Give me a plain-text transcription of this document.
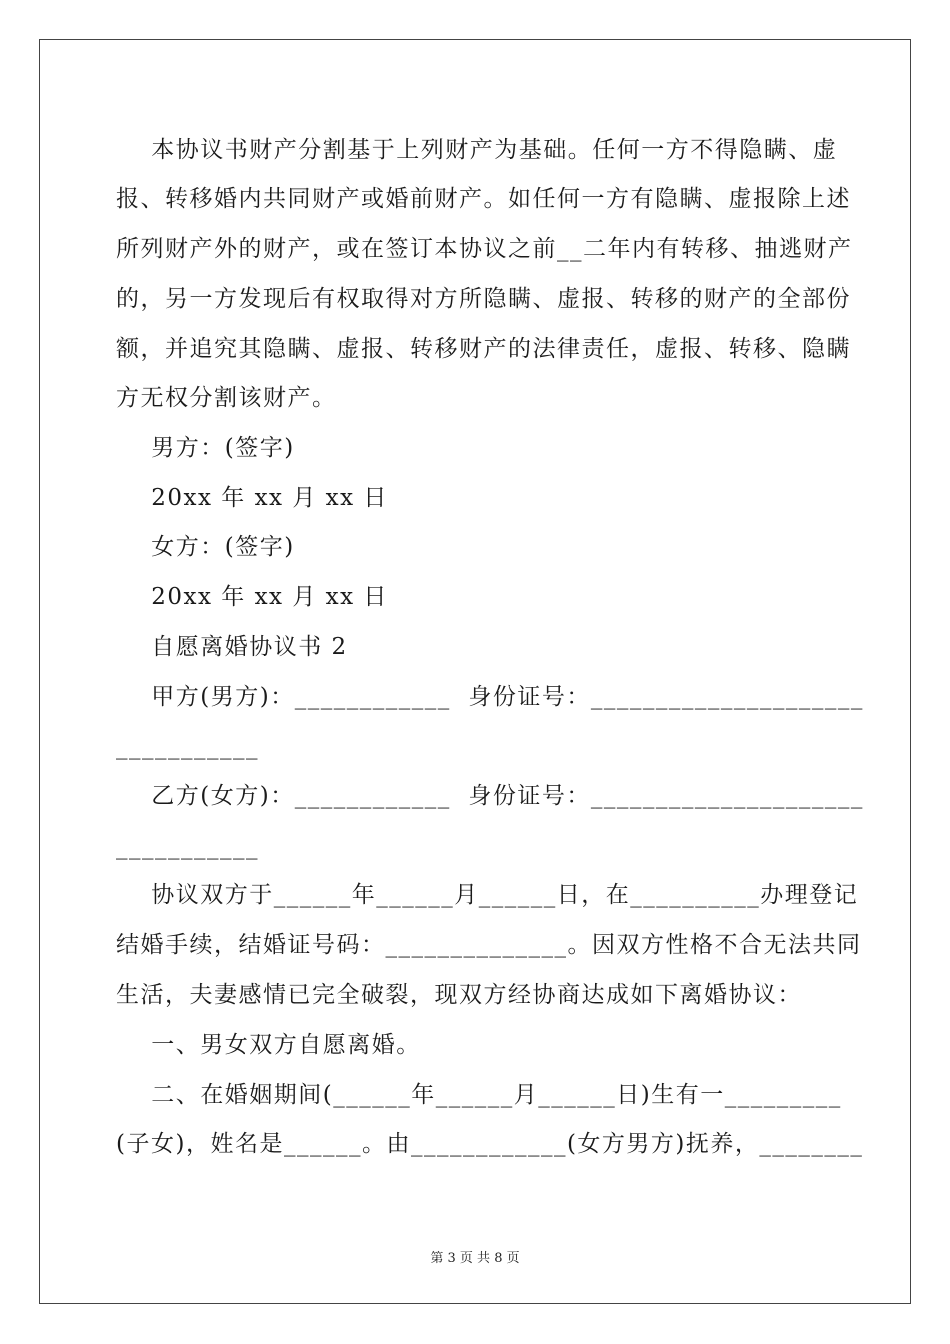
本协议书财产分割基于上列财产为基础。任何一方不得隐瞒、虚
报、转移婚内共同财产或婚前财产。如任何一方有隐瞒、虚报除上述
所列财产外的财产，或在签订本协议之前__二年内有转移、抽逃财产
的，另一方发现后有权取得对方所隐瞒、虚报、转移的财产的全部份
额，并追究其隐瞒、虚报、转移财产的法律责任，虚报、转移、隐瞒
方无权分割该财产。
男方：(签字)
20xx 年 xx 月 xx 日
女方：(签字)
20xx 年 xx 月 xx 日
自愿离婚协议书 2
甲方(男方)：____________  身份证号：_____________________
___________
乙方(女方)：____________  身份证号：_____________________
___________
协议双方于______年______月______日，在__________办理登记
结婚手续，结婚证号码：______________。因双方性格不合无法共同
生活，夫妻感情已完全破裂，现双方经协商达成如下离婚协议：
一、男女双方自愿离婚。
二、在婚姻期间(______年______月______日)生有一_________
(子女)，姓名是______。由____________(女方男方)抚养，________
第 3 页 共 8 页
